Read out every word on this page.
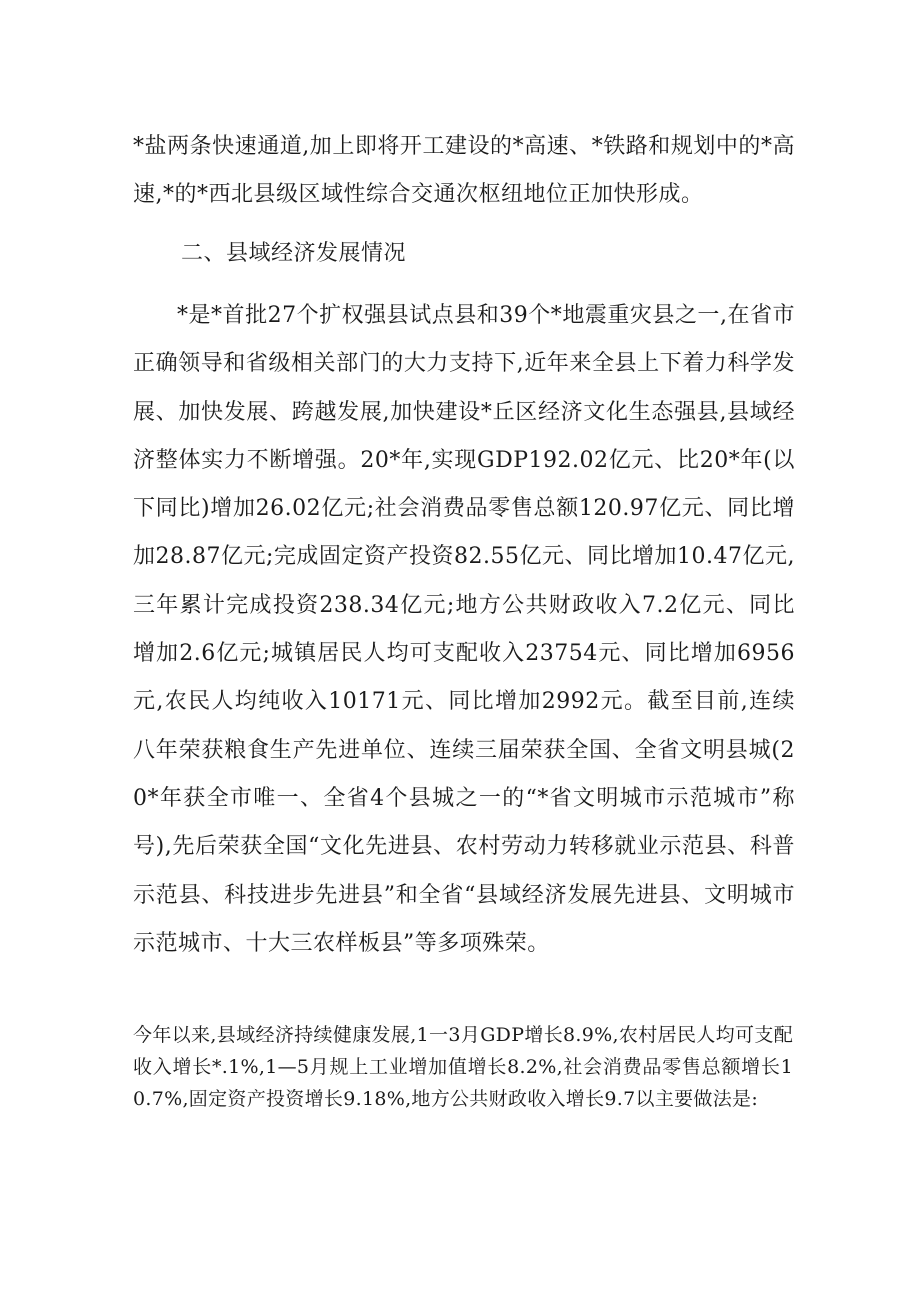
*盐两条快速通道,加上即将开工建设的*高速、*铁路和规划中的*高速,*的*西北县级区域性综合交通次枢纽地位正加快形成。

二、县域经济发展情况

*是*首批27个扩权强县试点县和39个*地震重灾县之一,在省市正确领导和省级相关部门的大力支持下,近年来全县上下着力科学发展、加快发展、跨越发展,加快建设*丘区经济文化生态强县,县域经济整体实力不断增强。20*年,实现GDP192.02亿元、比20*年(以下同比)增加26.02亿元;社会消费品零售总额120.97亿元、同比增加28.87亿元;完成固定资产投资82.55亿元、同比增加10.47亿元,三年累计完成投资238.34亿元;地方公共财政收入7.2亿元、同比增加2.6亿元;城镇居民人均可支配收入23754元、同比增加6956元,农民人均纯收入10171元、同比增加2992元。截至目前,连续八年荣获粮食生产先进单位、连续三届荣获全国、全省文明县城(20*年获全市唯一、全省4个县城之一的“*省文明城市示范城市”称号),先后荣获全国“文化先进县、农村劳动力转移就业示范县、科普示范县、科技进步先进县”和全省“县域经济发展先进县、文明城市示范城市、十大三农样板县”等多项殊荣。

今年以来,县域经济持续健康发展,1一3月GDP增长8.9%,农村居民人均可支配收入增长*.1%,1—5月规上工业增加值增长8.2%,社会消费品零售总额增长10.7%,固定资产投资增长9.18%,地方公共财政收入增长9.7以主要做法是:
